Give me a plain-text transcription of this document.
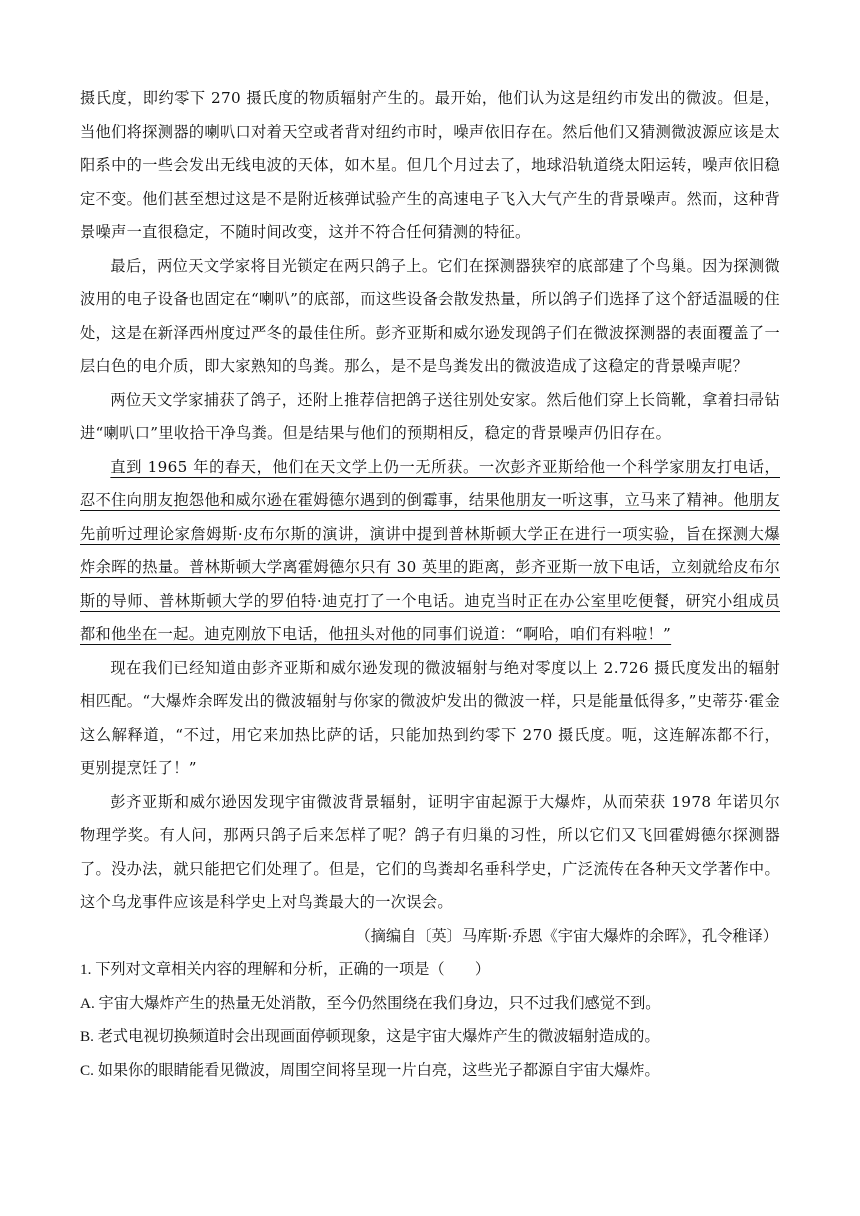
摄氏度，即约零下 270 摄氏度的物质辐射产生的。最开始，他们认为这是纽约市发出的微波。但是，当他们将探测器的喇叭口对着天空或者背对纽约市时，噪声依旧存在。然后他们又猜测微波源应该是太阳系中的一些会发出无线电波的天体，如木星。但几个月过去了，地球沿轨道绕太阳运转，噪声依旧稳定不变。他们甚至想过这是不是附近核弹试验产生的高速电子飞入大气产生的背景噪声。然而，这种背景噪声一直很稳定，不随时间改变，这并不符合任何猜测的特征。

最后，两位天文学家将目光锁定在两只鸽子上。它们在探测器狭窄的底部建了个鸟巢。因为探测微波用的电子设备也固定在“喇叭”的底部，而这些设备会散发热量，所以鸽子们选择了这个舒适温暖的住处，这是在新泽西州度过严冬的最佳住所。彭齐亚斯和威尔逊发现鸽子们在微波探测器的表面覆盖了一层白色的电介质，即大家熟知的鸟粪。那么，是不是鸟粪发出的微波造成了这稳定的背景噪声呢？

两位天文学家捕获了鸽子，还附上推荐信把鸽子送往别处安家。然后他们穿上长筒靴，拿着扫帚钻进“喇叭口”里收拾干净鸟粪。但是结果与他们的预期相反，稳定的背景噪声仍旧存在。

直到 1965 年的春天，他们在天文学上仍一无所获。一次彭齐亚斯给他一个科学家朋友打电话，忍不住向朋友抱怨他和威尔逊在霍姆德尔遇到的倒霉事，结果他朋友一听这事，立马来了精神。他朋友先前听过理论家詹姆斯·皮布尔斯的演讲，演讲中提到普林斯顿大学正在进行一项实验，旨在探测大爆炸余晖的热量。普林斯顿大学离霍姆德尔只有 30 英里的距离，彭齐亚斯一放下电话，立刻就给皮布尔斯的导师、普林斯顿大学的罗伯特·迪克打了一个电话。迪克当时正在办公室里吃便餐，研究小组成员都和他坐在一起。迪克刚放下电话，他扭头对他的同事们说道：“啊哈，咱们有料啦！”

现在我们已经知道由彭齐亚斯和威尔逊发现的微波辐射与绝对零度以上 2.726 摄氏度发出的辐射相匹配。“大爆炸余晖发出的微波辐射与你家的微波炉发出的微波一样，只是能量低得多，”史蒂芬·霍金这么解释道，“不过，用它来加热比萨的话，只能加热到约零下 270 摄氏度。呃，这连解冻都不行，更别提烹饪了！”

彭齐亚斯和威尔逊因发现宇宙微波背景辐射，证明宇宙起源于大爆炸，从而荣获 1978 年诺贝尔物理学奖。有人问，那两只鸽子后来怎样了呢？鸽子有归巢的习性，所以它们又飞回霍姆德尔探测器了。没办法，就只能把它们处理了。但是，它们的鸟粪却名垂科学史，广泛流传在各种天文学著作中。这个乌龙事件应该是科学史上对鸟粪最大的一次误会。

（摘编自〔英〕马库斯·乔恩《宇宙大爆炸的余晖》，孔令稚译）

1. 下列对文章相关内容的理解和分析，正确的一项是（　　）

A. 宇宙大爆炸产生的热量无处消散，至今仍然围绕在我们身边，只不过我们感觉不到。

B. 老式电视切换频道时会出现画面停顿现象，这是宇宙大爆炸产生的微波辐射造成的。

C. 如果你的眼睛能看见微波，周围空间将呈现一片白亮，这些光子都源自宇宙大爆炸。
